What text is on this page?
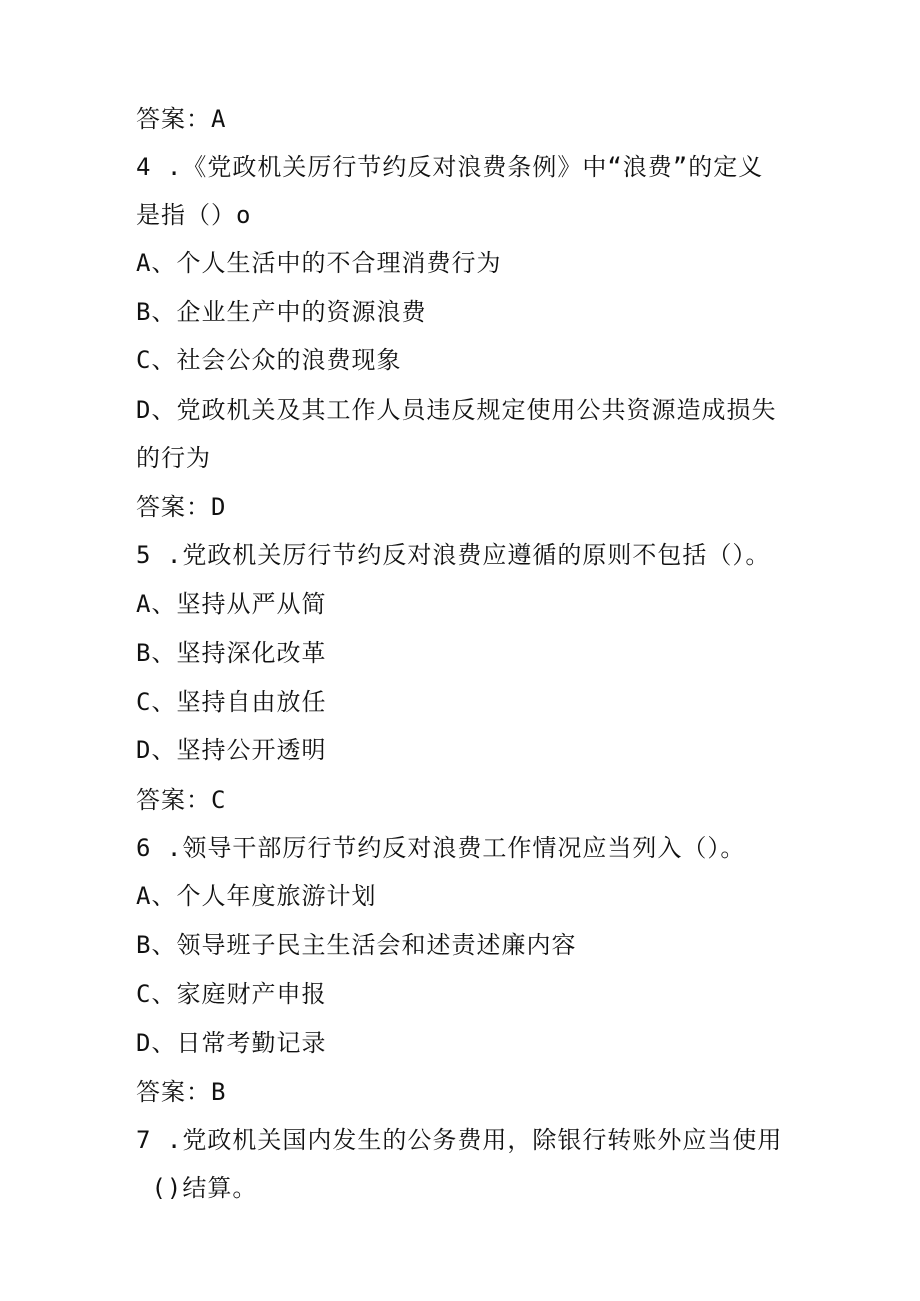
答案：A
4 .《党政机关厉行节约反对浪费条例》中“浪费”的定义
是指（）o
A、个人生活中的不合理消费行为
B、企业生产中的资源浪费
C、社会公众的浪费现象
D、党政机关及其工作人员违反规定使用公共资源造成损失
的行为
答案：D
5 .党政机关厉行节约反对浪费应遵循的原则不包括（）。
A、坚持从严从简
B、坚持深化改革
C、坚持自由放任
D、坚持公开透明
答案：C
6 .领导干部厉行节约反对浪费工作情况应当列入（）。
A、个人年度旅游计划
B、领导班子民主生活会和述责述廉内容
C、家庭财产申报
D、日常考勤记录
答案：B
7 .党政机关国内发生的公务费用，除银行转账外应当使用
()结算。
